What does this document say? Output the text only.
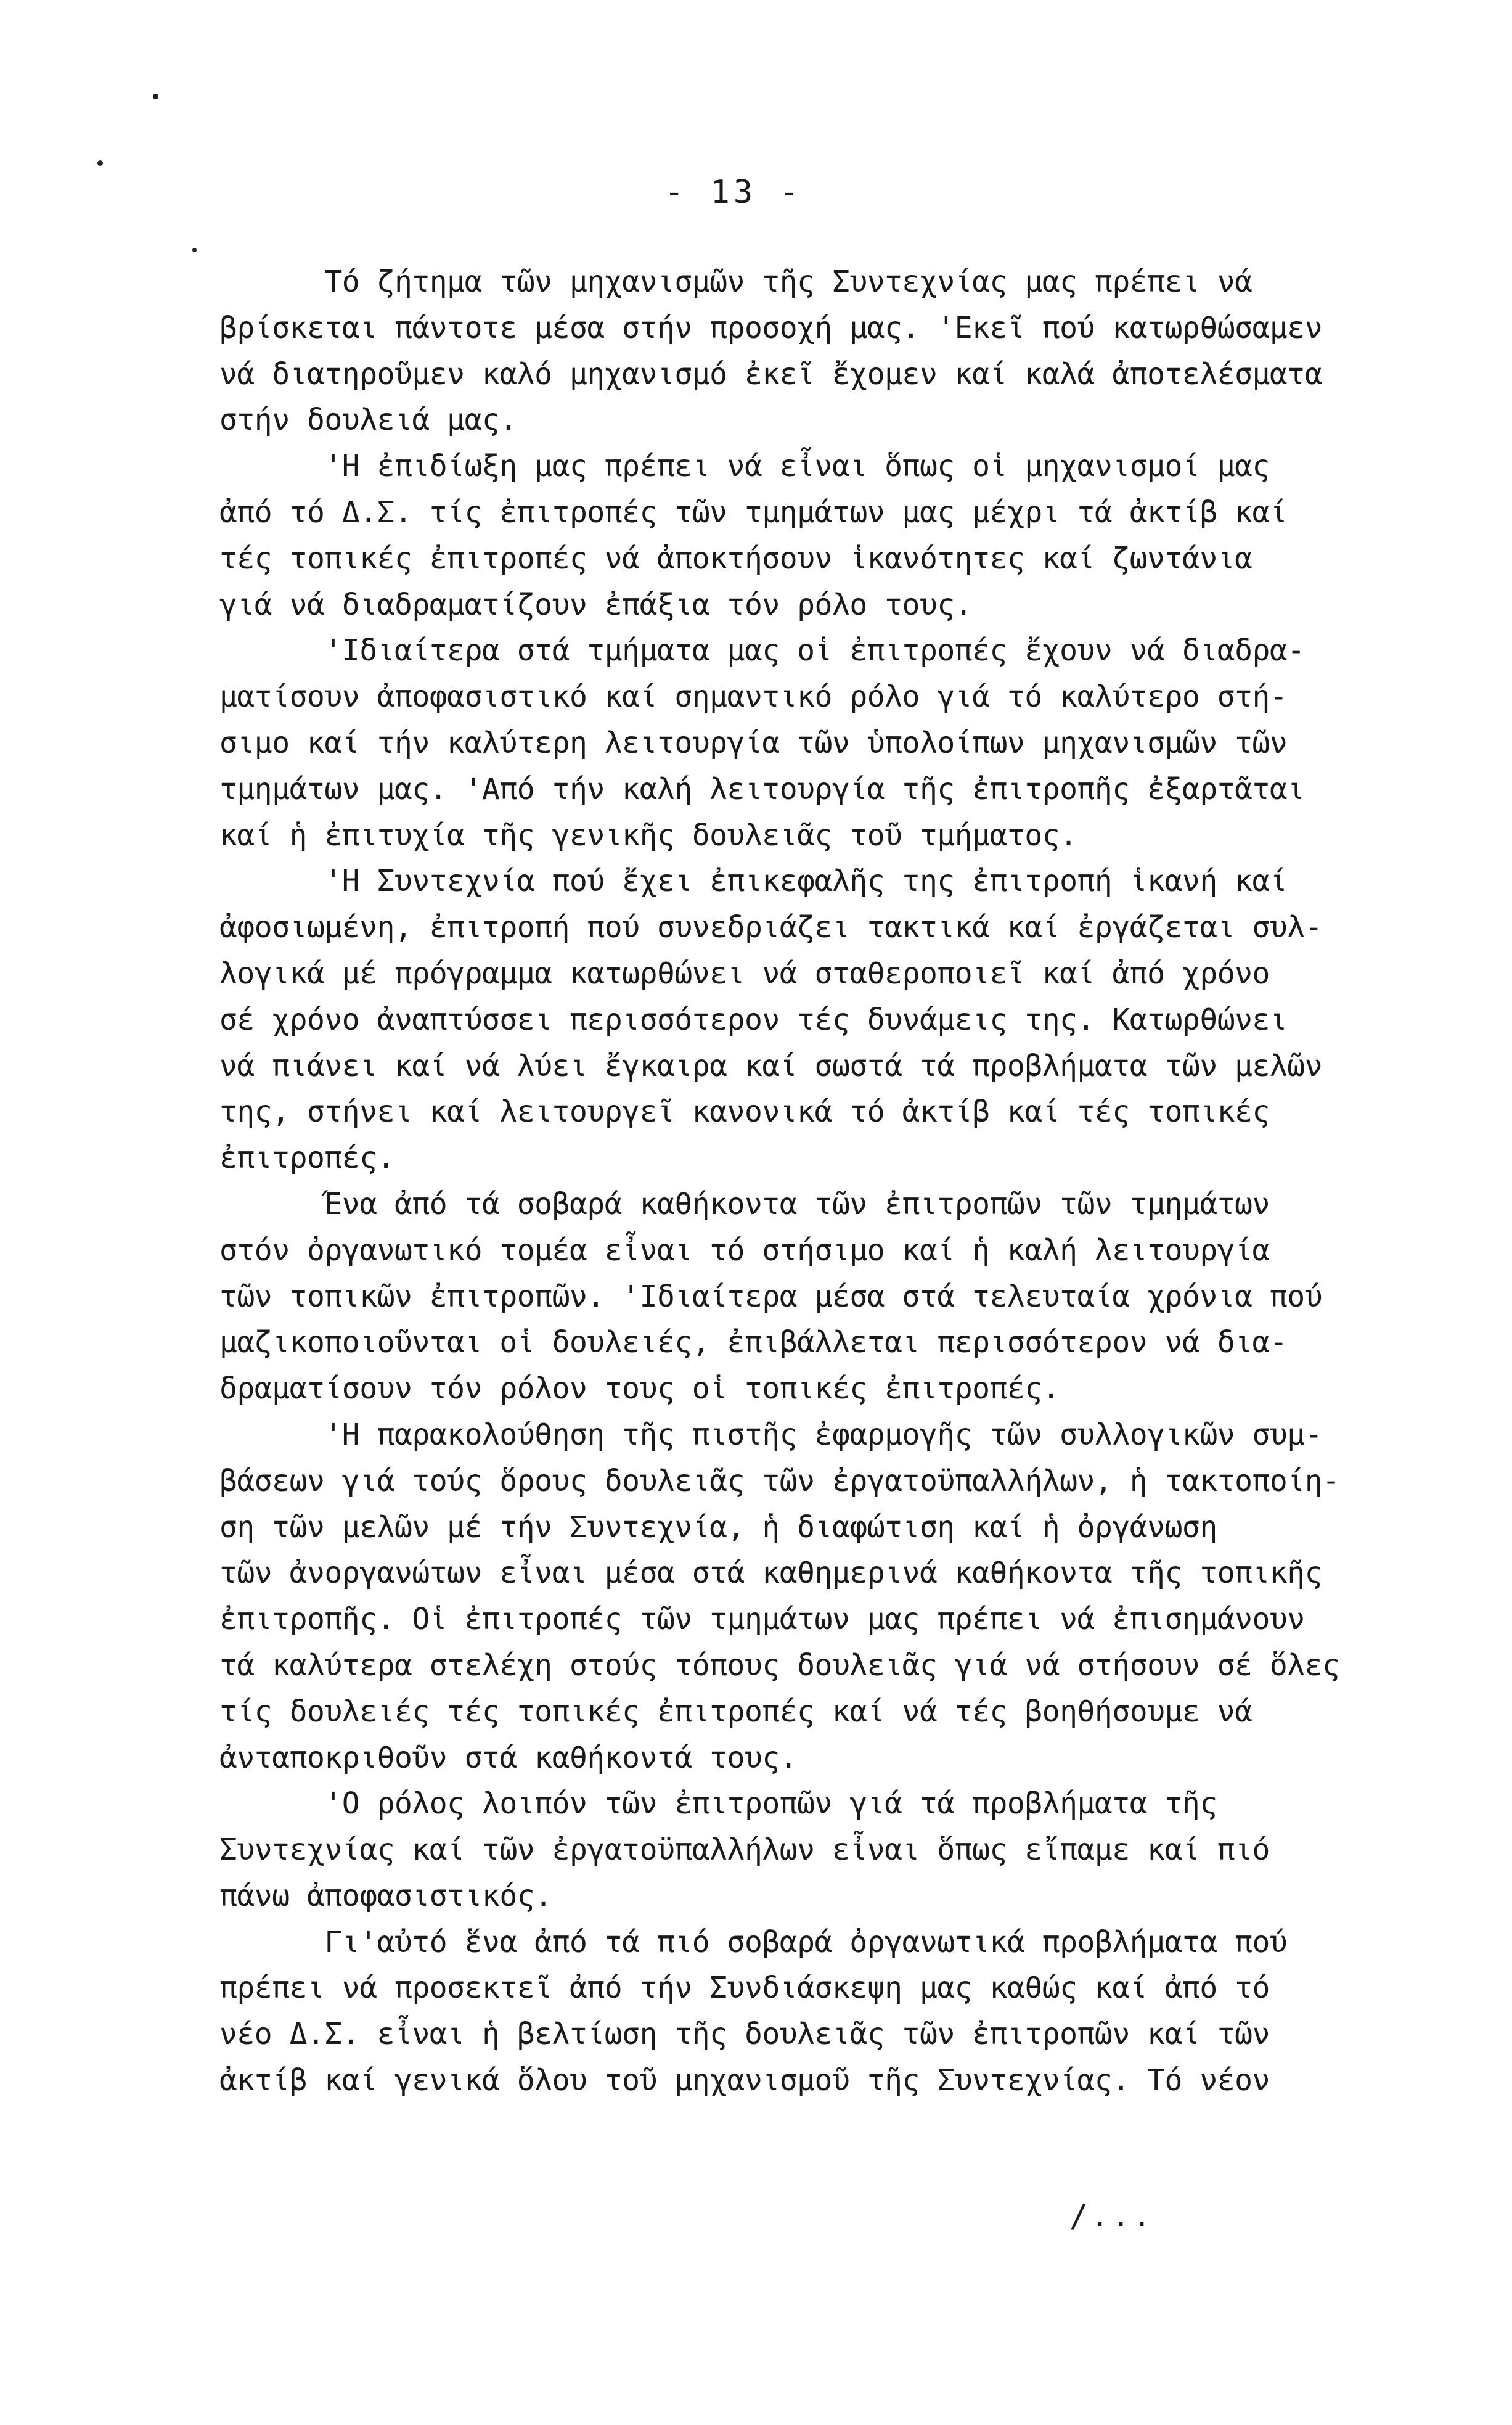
- 13 -
Τό ζήτημα τῶν μηχανισμῶν τῆς Συντεχνίας μας πρέπει νά
βρίσκεται πάντοτε μέσα στήν προσοχή μας. 'Εκεῖ πού κατωρθώσαμεν
νά διατηροῦμεν καλό μηχανισμό ἐκεῖ ἔχομεν καί καλά ἀποτελέσματα
στήν δουλειά μας.
'Η ἐπιδίωξη μας πρέπει νά εἶναι ὅπως οἱ μηχανισμοί μας
ἀπό τό Δ.Σ. τίς ἐπιτροπές τῶν τμημάτων μας μέχρι τά ἀκτίβ καί
τές τοπικές ἐπιτροπές νά ἀποκτήσουν ἱκανότητες καί ζωντάνια
γιά νά διαδραματίζουν ἐπάξια τόν ρόλο τους.
'Ιδιαίτερα στά τμήματα μας οἱ ἐπιτροπές ἔχουν νά διαδρα-
ματίσουν ἀποφασιστικό καί σημαντικό ρόλο γιά τό καλύτερο στή-
σιμο καί τήν καλύτερη λειτουργία τῶν ὑπολοίπων μηχανισμῶν τῶν
τμημάτων μας. 'Από τήν καλή λειτουργία τῆς ἐπιτροπῆς ἐξαρτᾶται
καί ἡ ἐπιτυχία τῆς γενικῆς δουλειᾶς τοῦ τμήματος.
'Η Συντεχνία πού ἔχει ἐπικεφαλῆς της ἐπιτροπή ἱκανή καί
ἀφοσιωμένη, ἐπιτροπή πού συνεδριάζει τακτικά καί ἐργάζεται συλ-
λογικά μέ πρόγραμμα κατωρθώνει νά σταθεροποιεῖ καί ἀπό χρόνο
σέ χρόνο ἀναπτύσσει περισσότερον τές δυνάμεις της. Κατωρθώνει
νά πιάνει καί νά λύει ἔγκαιρα καί σωστά τά προβλήματα τῶν μελῶν
της, στήνει καί λειτουργεῖ κανονικά τό ἀκτίβ καί τές τοπικές
ἐπιτροπές.
Ένα ἀπό τά σοβαρά καθήκοντα τῶν ἐπιτροπῶν τῶν τμημάτων
στόν ὀργανωτικό τομέα εἶναι τό στήσιμο καί ἡ καλή λειτουργία
τῶν τοπικῶν ἐπιτροπῶν. 'Ιδιαίτερα μέσα στά τελευταία χρόνια πού
μαζικοποιοῦνται οἱ δουλειές, ἐπιβάλλεται περισσότερον νά δια-
δραματίσουν τόν ρόλον τους οἱ τοπικές ἐπιτροπές.
'Η παρακολούθηση τῆς πιστῆς ἐφαρμογῆς τῶν συλλογικῶν συμ-
βάσεων γιά τούς ὅρους δουλειᾶς τῶν ἐργατοϋπαλλήλων, ἡ τακτοποίη-
ση τῶν μελῶν μέ τήν Συντεχνία, ἡ διαφώτιση καί ἡ ὀργάνωση
τῶν ἀνοργανώτων εἶναι μέσα στά καθημερινά καθήκοντα τῆς τοπικῆς
ἐπιτροπῆς. Οἱ ἐπιτροπές τῶν τμημάτων μας πρέπει νά ἐπισημάνουν
τά καλύτερα στελέχη στούς τόπους δουλειᾶς γιά νά στήσουν σέ ὅλες
τίς δουλειές τές τοπικές ἐπιτροπές καί νά τές βοηθήσουμε νά
ἀνταποκριθοῦν στά καθήκοντά τους.
'Ο ρόλος λοιπόν τῶν ἐπιτροπῶν γιά τά προβλήματα τῆς
Συντεχνίας καί τῶν ἐργατοϋπαλλήλων εἶναι ὅπως εἴπαμε καί πιό
πάνω ἀποφασιστικός.
Γι'αὐτό ἕνα ἀπό τά πιό σοβαρά ὀργανωτικά προβλήματα πού
πρέπει νά προσεκτεῖ ἀπό τήν Συνδιάσκεψη μας καθώς καί ἀπό τό
νέο Δ.Σ. εἶναι ἡ βελτίωση τῆς δουλειᾶς τῶν ἐπιτροπῶν καί τῶν
ἀκτίβ καί γενικά ὅλου τοῦ μηχανισμοῦ τῆς Συντεχνίας. Τό νέον
/...
